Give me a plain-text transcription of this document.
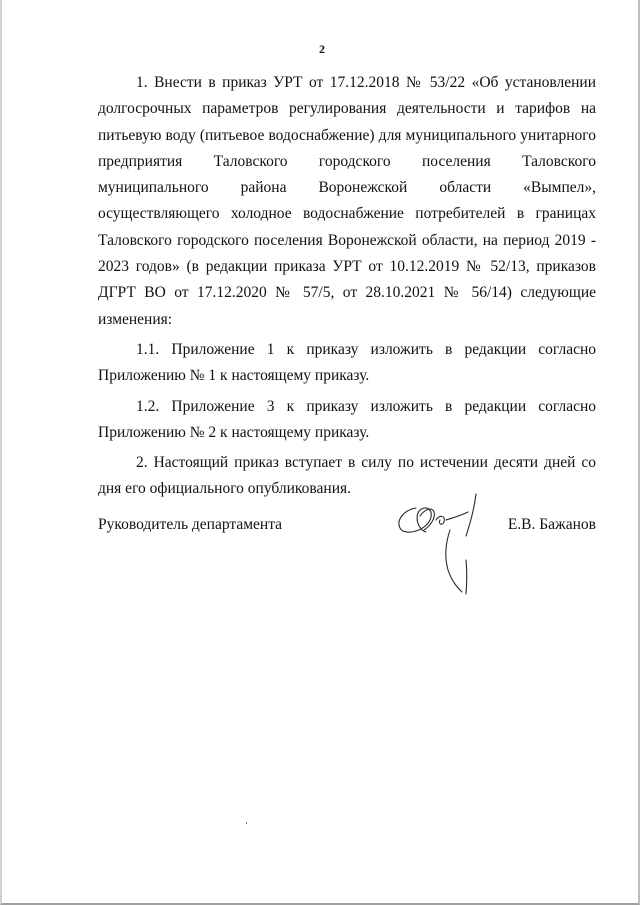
2

1. Внести в приказ УРТ от 17.12.2018 № 53/22 «Об установлении долгосрочных параметров регулирования деятельности и тарифов на питьевую воду (питьевое водоснабжение) для муниципального унитарного предприятия Таловского городского поселения Таловского муниципального района Воронежской области «Вымпел», осуществляющего холодное водоснабжение потребителей в границах Таловского городского поселения Воронежской области, на период 2019 - 2023 годов» (в редакции приказа УРТ от 10.12.2019 № 52/13, приказов ДГРТ ВО от 17.12.2020 № 57/5, от 28.10.2021 № 56/14) следующие изменения:

1.1. Приложение 1 к приказу изложить в редакции согласно Приложению № 1 к настоящему приказу.

1.2. Приложение 3 к приказу изложить в редакции согласно Приложению № 2 к настоящему приказу.

2. Настоящий приказ вступает в силу по истечении десяти дней со дня его официального опубликования.

Руководитель департамента	Е.В. Бажанов
